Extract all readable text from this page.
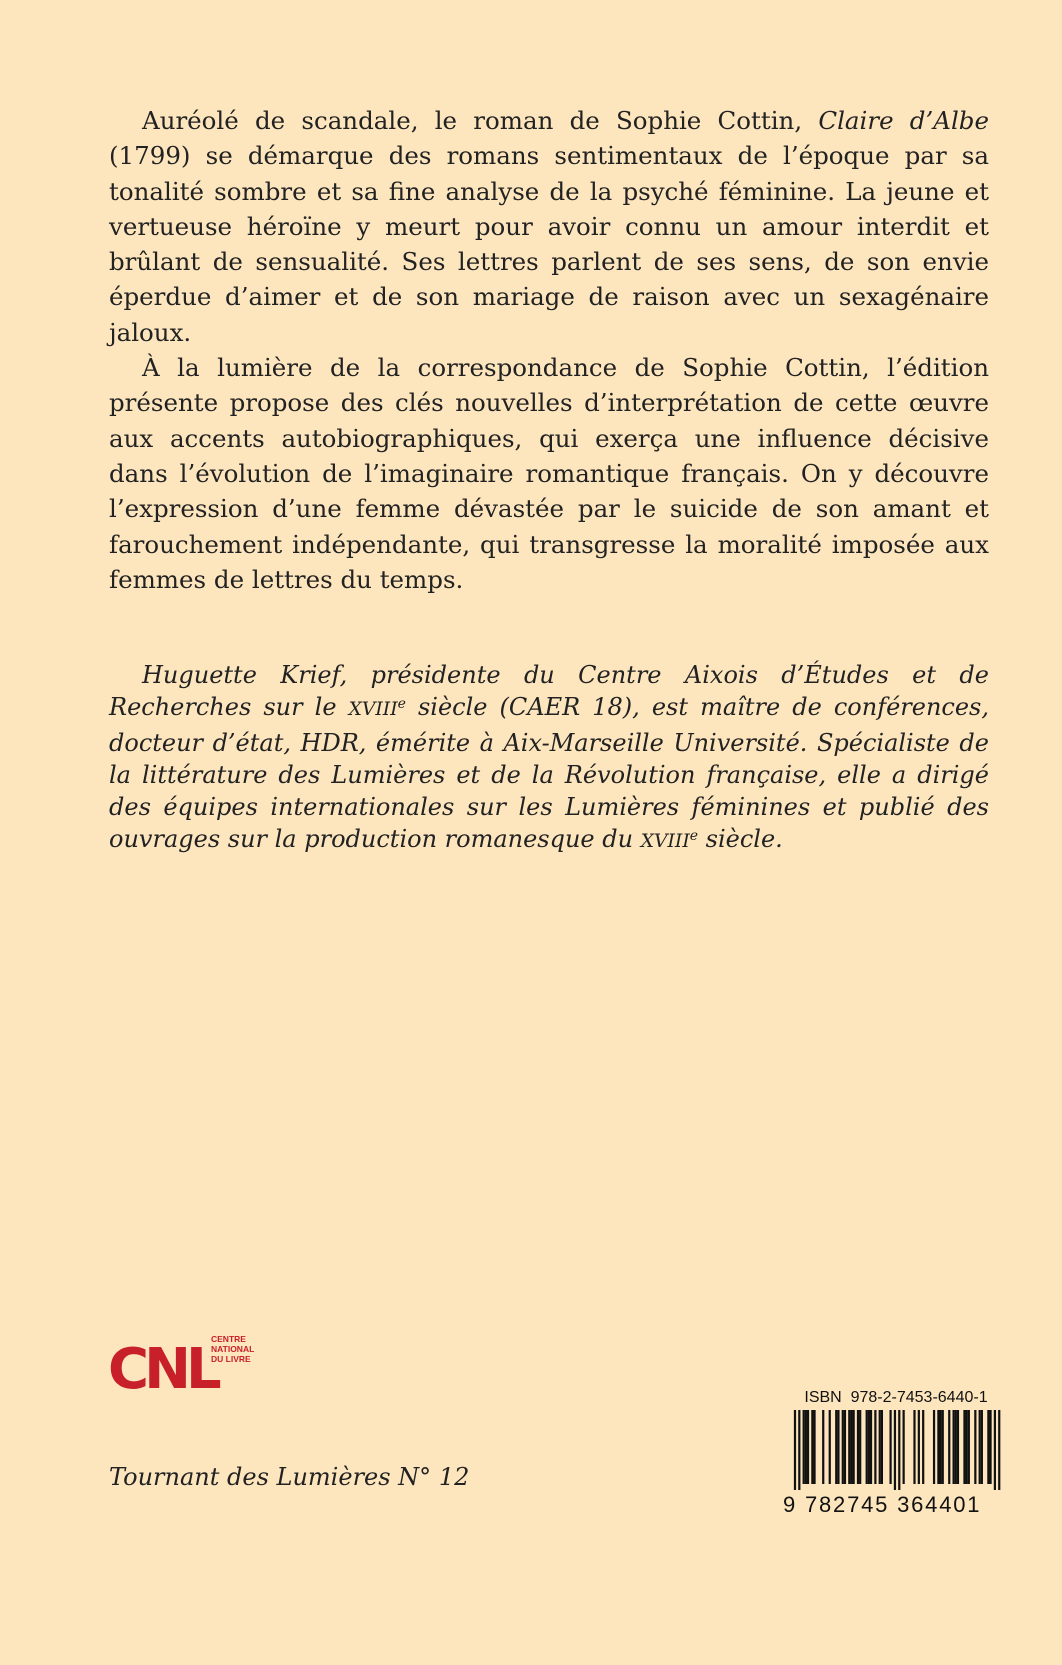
Auréolé de scandale, le roman de Sophie Cottin, Claire d’Albe (1799) se démarque des romans sentimentaux de l’époque par sa tonalité sombre et sa fine analyse de la psyché féminine. La jeune et vertueuse héroïne y meurt pour avoir connu un amour interdit et brûlant de sensualité. Ses lettres parlent de ses sens, de son envie éperdue d’aimer et de son mariage de raison avec un sexagénaire jaloux.

À la lumière de la correspondance de Sophie Cottin, l’édition présente propose des clés nouvelles d’interprétation de cette œuvre aux accents autobiographiques, qui exerça une influence décisive dans l’évolution de l’imaginaire romantique français. On y découvre l’expression d’une femme dévastée par le suicide de son amant et farouchement indépendante, qui transgresse la moralité imposée aux femmes de lettres du temps.

Huguette Krief, présidente du Centre Aixois d’Études et de Recherches sur le XVIIIe siècle (CAER 18), est maître de conférences, docteur d’état, HDR, émérite à Aix-Marseille Université. Spécialiste de la littérature des Lumières et de la Révolution française, elle a dirigé des équipes internationales sur les Lumières féminines et publié des ouvrages sur la production romanesque du XVIIIe siècle.
CNL
CENTRE
NATIONAL
DU LIVRE
Tournant des Lumières N° 12
ISBN 978-2-7453-6440-1
9 782745 364401
